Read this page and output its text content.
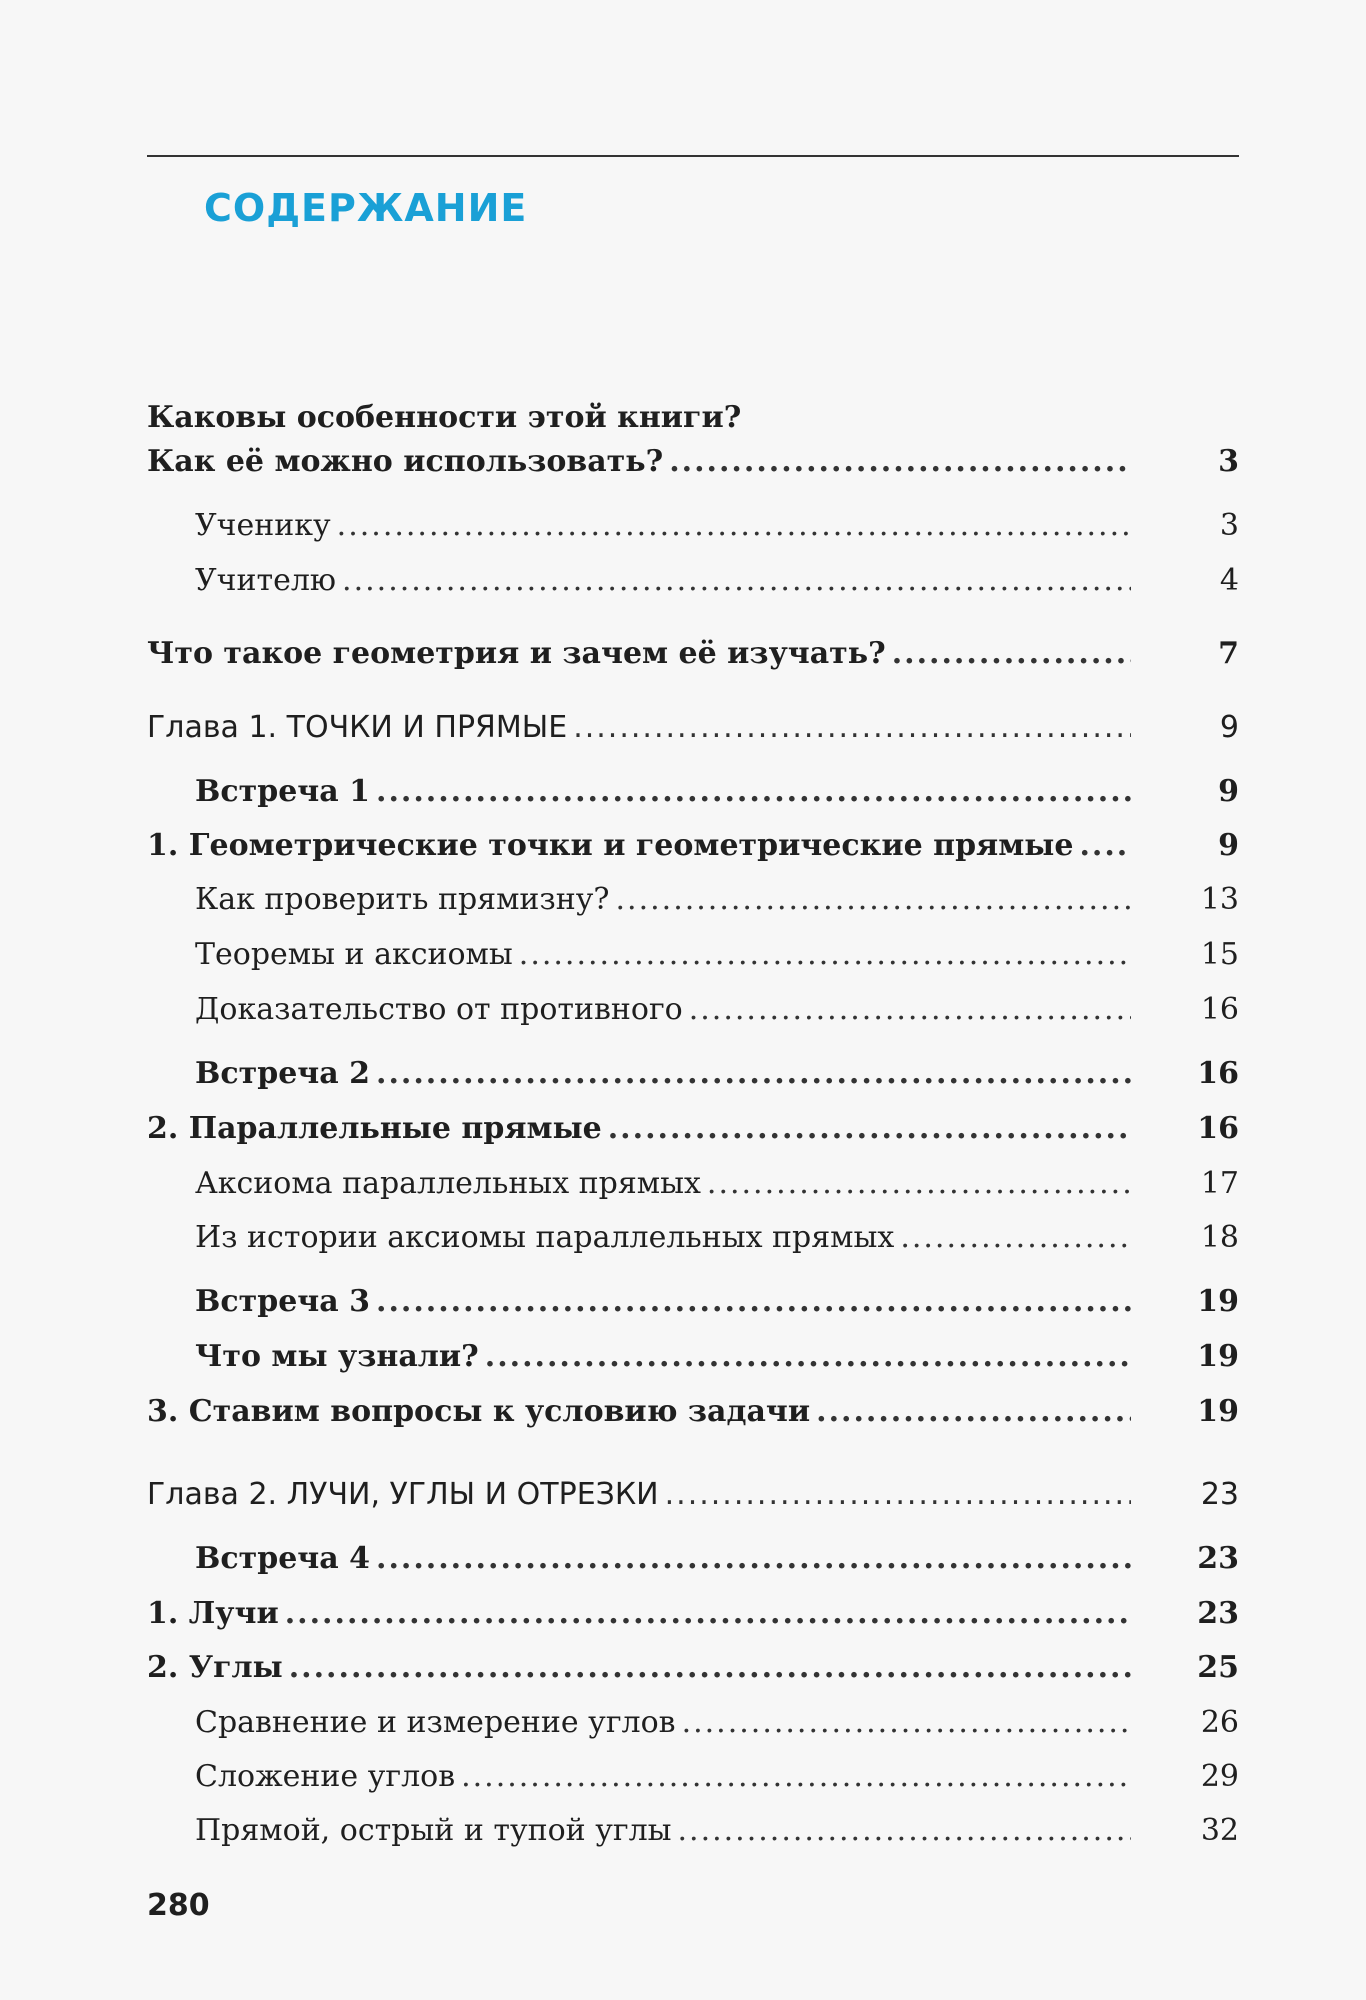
СОДЕРЖАНИЕ
Каковы особенности этой книги?
Как её можно использовать? .....	3
Ученику .....	3
Учителю .....	4
Что такое геометрия и зачем её изучать? .....	7
Глава 1. ТОЧКИ И ПРЯМЫЕ .....	9
Встреча 1 .....	9
1. Геометрические точки и геометрические прямые .....	9
Как проверить прямизну? .....	13
Теоремы и аксиомы .....	15
Доказательство от противного .....	16
Встреча 2 .....	16
2. Параллельные прямые .....	16
Аксиома параллельных прямых .....	17
Из истории аксиомы параллельных прямых .....	18
Встреча 3 .....	19
Что мы узнали? .....	19
3. Ставим вопросы к условию задачи .....	19
Глава 2. ЛУЧИ, УГЛЫ И ОТРЕЗКИ .....	23
Встреча 4 .....	23
1. Лучи .....	23
2. Углы .....	25
Сравнение и измерение углов .....	26
Сложение углов .....	29
Прямой, острый и тупой углы .....	32
280
